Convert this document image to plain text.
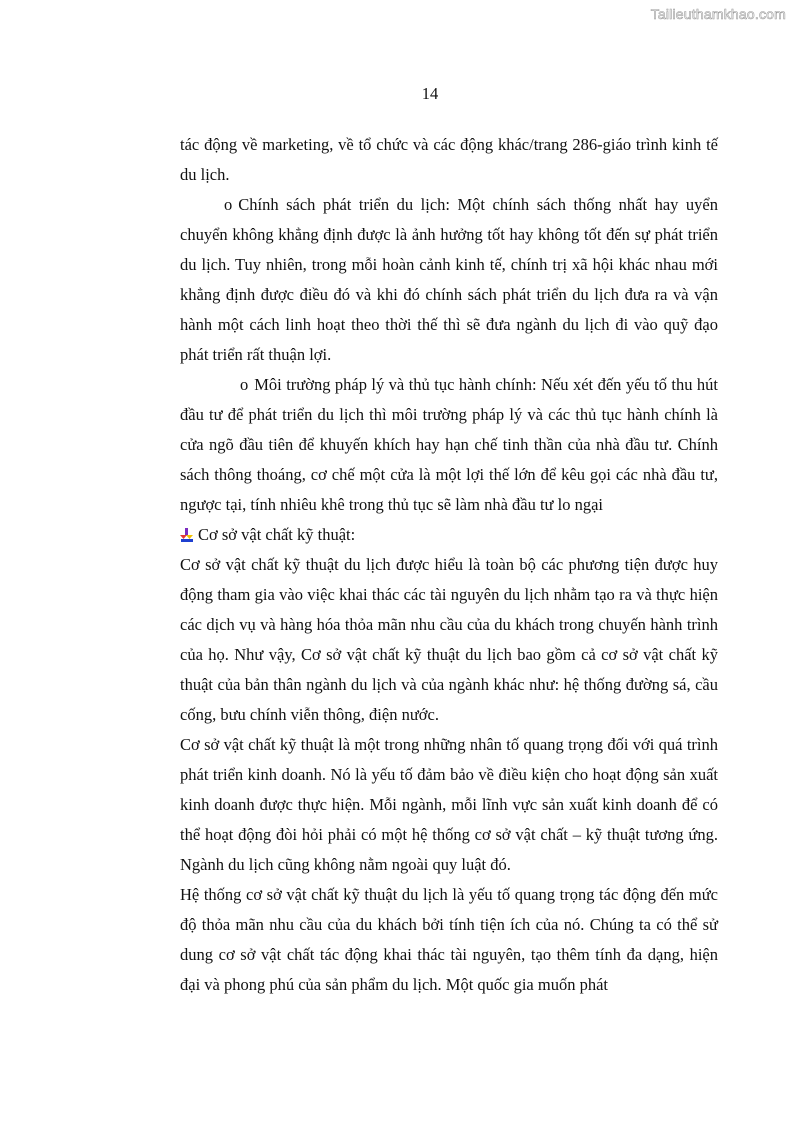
Tailieuthamkhao.com
14

tác động về marketing, về tổ chức và các động khác/trang 286-giáo trình kinh tế du lịch.

o Chính sách phát triển du lịch: Một chính sách thống nhất hay uyển chuyển không khẳng định được là ảnh hưởng tốt hay không tốt đến sự phát triển du lịch. Tuy nhiên, trong mỗi hoàn cảnh kinh tế, chính trị xã hội khác nhau mới khẳng định được điều đó và khi đó chính sách phát triển du lịch đưa ra và vận hành một cách linh hoạt theo thời thế thì sẽ đưa ngành du lịch đi vào quỹ đạo phát triển rất thuận lợi.

o Môi trường pháp lý và thủ tục hành chính: Nếu xét đến yếu tố thu hút đầu tư để phát triển du lịch thì môi trường pháp lý và các thủ tục hành chính là cửa ngõ đầu tiên để khuyến khích hay hạn chế tinh thần của nhà đầu tư. Chính sách thông thoáng, cơ chế một cửa là một lợi thế lớn để kêu gọi các nhà đầu tư, ngược tại, tính nhiêu khê trong thủ tục sẽ làm nhà đầu tư lo ngại

Cơ sở vật chất kỹ thuật:

Cơ sở vật chất kỹ thuật du lịch được hiểu là toàn bộ các phương tiện được huy động tham gia vào việc khai thác các tài nguyên du lịch nhằm tạo ra và thực hiện các dịch vụ và hàng hóa thỏa mãn nhu cầu của du khách trong chuyến hành trình của họ. Như vậy, Cơ sở vật chất kỹ thuật du lịch bao gồm cả cơ sở vật chất kỹ thuật của bản thân ngành du lịch và của ngành khác như: hệ thống đường sá, cầu cống, bưu chính viễn thông, điện nước.

Cơ sở vật chất kỹ thuật là một trong những nhân tố quang trọng đối với quá trình phát triển kinh doanh. Nó là yếu tố đảm bảo về điều kiện cho hoạt động sản xuất kinh doanh được thực hiện. Mỗi ngành, mỗi lĩnh vực sản xuất kinh doanh để có thể hoạt động đòi hỏi phải có một hệ thống cơ sở vật chất – kỹ thuật tương ứng. Ngành du lịch cũng không nằm ngoài quy luật đó.

Hệ thống cơ sở vật chất kỹ thuật du lịch là yếu tố quang trọng tác động đến mức độ thỏa mãn nhu cầu của du khách bởi tính tiện ích của nó. Chúng ta có thể sử dung cơ sở vật chất tác động khai thác tài nguyên, tạo thêm tính đa dạng, hiện đại và phong phú của sản phẩm du lịch. Một quốc gia muốn phát
